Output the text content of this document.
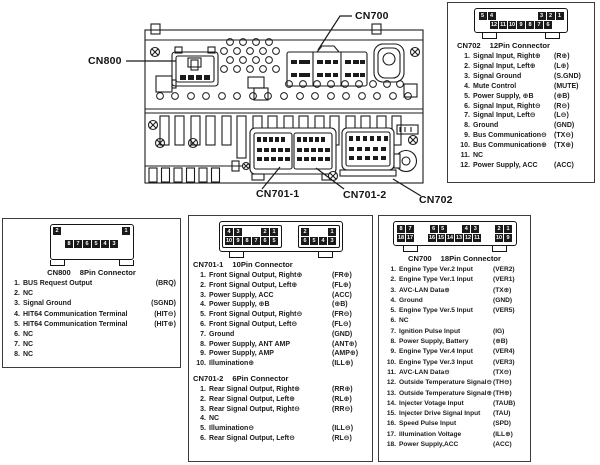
CN800
CN700
CN701-1	CN701-2	CN702
5	4	3	2	1
12 11 10 9	8	7	6
CN702 12Pin Connector
1. Signal Input, Right⊕	(R⊕)
2. Signal Input, Left⊕	(L⊕)
3. Signal Ground	(S.GND)
4. Mute Control	(MUTE)
5. Power Supply, ⊕B	(⊕B)
6. Signal Input, Right⊖	(R⊖)
7. Signal Input, Left⊖	(L⊖)
8. Ground	(GND)
9. Bus Communication⊖	(TX⊖)
10. Bus Communication⊕	(TX⊕)
11. NC
12. Power Supply, ACC	(ACC)
2	1
8	7	6	5	4	3
CN800 8Pin Connector
1. BUS Request Output	(BRQ)
2. NC
3. Signal Ground	(SGND)
4. HIT64 Communication Terminal	(HIT⊖)
5. HIT64 Communication Terminal	(HIT⊕)
6. NC
7. NC
8. NC
4	3	2	1
10 9	8	7	6	5
2	1
6	5	4	3
CN701-1 10Pin Connector
1. Front Signal Output, Right⊕	(FR⊕)
2. Front Signal Output, Left⊕	(FL⊕)
3. Power Supply, ACC	(ACC)
4. Power Supply, ⊕B	(⊕B)
5. Front Signal Output, Right⊖	(FR⊖)
6. Front Signal Output, Left⊖	(FL⊖)
7. Ground	(GND)
8. Power Supply, ANT AMP	(ANT⊕)
9. Power Supply, AMP	(AMP⊕)
10. Illumination⊕	(ILL⊕)
CN701-2 6Pin Connector
1. Rear Signal Output, Right⊕	(RR⊕)
2. Rear Signal Output, Left⊕	(RL⊕)
3. Rear Signal Output, Right⊖	(RR⊖)
4. NC
5. Illumination⊖	(ILL⊖)
6. Rear Signal Output, Left⊖	(RL⊖)
8	7	6	5	4	3	2	1
18 17	16 15 14 13 12 11	10 9
CN700 18Pin Connector
1. Engine Type Ver.2 Input	(VER2)
2. Engine Type Ver.1 Input	(VER1)
3. AVC-LAN Data⊕	(TX⊕)
4. Ground	(GND)
5. Engine Type Ver.5 Input	(VER5)
6. NC
7. Ignition Pulse Input	(IG)
8. Power Supply, Battery	(⊕B)
9. Engine Type Ver.4 Input	(VER4)
10. Engine Type Ver.3 Input	(VER3)
11. AVC-LAN Data⊖	(TX⊖)
12. Outside Temperature Signal⊖ (TH⊖)
13. Outside Temperature Signal⊕ (TH⊕)
14. Injecter Votage Input	(TAUB)
15. Injecter Drive Signal Input	(TAU)
16. Speed Pulse Input	(SPD)
17. Illumination Voltage	(ILL⊕)
18. Power Supply,ACC	(ACC)
